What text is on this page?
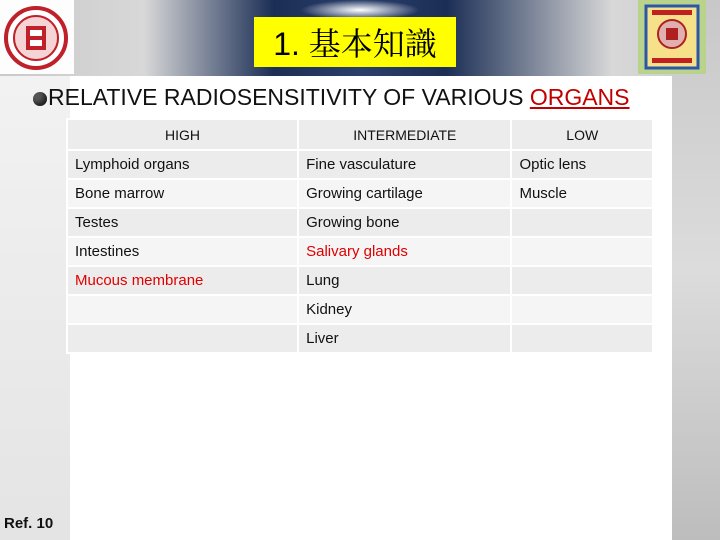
1. 基本知識
RELATIVE RADIOSENSITIVITY OF VARIOUS ORGANS
HIGH	INTERMEDIATE	LOW
Lymphoid organs	Fine vasculature	Optic lens
Bone marrow	Growing cartilage	Muscle
Testes	Growing bone	
Intestines	Salivary glands	
Mucous membrane	Lung	
	Kidney	
	Liver	
Ref. 10
